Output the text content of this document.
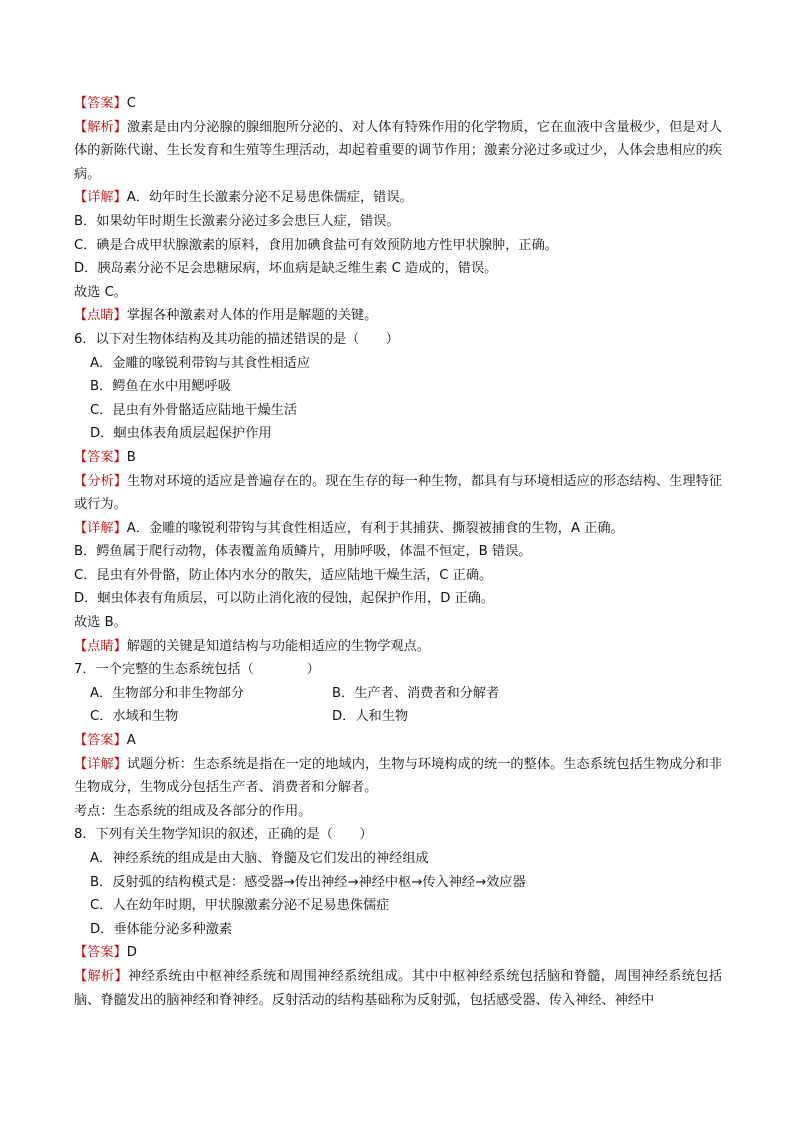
【答案】C
【解析】激素是由内分泌腺的腺细胞所分泌的、对人体有特殊作用的化学物质，它在血液中含量极少，但是对人体的新陈代谢、生长发育和生殖等生理活动，却起着重要的调节作用；激素分泌过多或过少，人体会患相应的疾病。
【详解】A．幼年时生长激素分泌不足易患侏儒症，错误。
B．如果幼年时期生长激素分泌过多会患巨人症，错误。
C．碘是合成甲状腺激素的原料，食用加碘食盐可有效预防地方性甲状腺肿，正确。
D．胰岛素分泌不足会患糖尿病，坏血病是缺乏维生素 C 造成的，错误。
故选 C。
【点睛】掌握各种激素对人体的作用是解题的关键。
6．以下对生物体结构及其功能的描述错误的是（　　）
A．金雕的喙锐利带钩与其食性相适应
B．鳄鱼在水中用鳃呼吸
C．昆虫有外骨骼适应陆地干燥生活
D．蛔虫体表角质层起保护作用
【答案】B
【分析】生物对环境的适应是普遍存在的。现在生存的每一种生物，都具有与环境相适应的形态结构、生理特征或行为。
【详解】A．金雕的喙锐利带钩与其食性相适应，有利于其捕获、撕裂被捕食的生物，A 正确。
B．鳄鱼属于爬行动物，体表覆盖角质鳞片，用肺呼吸，体温不恒定，B 错误。
C．昆虫有外骨骼，防止体内水分的散失，适应陆地干燥生活，C 正确。
D．蛔虫体表有角质层，可以防止消化液的侵蚀，起保护作用，D 正确。
故选 B。
【点睛】解题的关键是知道结构与功能相适应的生物学观点。
7．一个完整的生态系统包括（　　　　）
A．生物部分和非生物部分	B．生产者、消费者和分解者
C．水域和生物	D．人和生物
【答案】A
【详解】试题分析：生态系统是指在一定的地域内，生物与环境构成的统一的整体。生态系统包括生物成分和非生物成分，生物成分包括生产者、消费者和分解者。
考点：生态系统的组成及各部分的作用。
8．下列有关生物学知识的叙述，正确的是（　　）
A．神经系统的组成是由大脑、脊髓及它们发出的神经组成
B．反射弧的结构模式是：感受器→传出神经→神经中枢→传入神经→效应器
C．人在幼年时期，甲状腺激素分泌不足易患侏儒症
D．垂体能分泌多种激素
【答案】D
【解析】神经系统由中枢神经系统和周围神经系统组成。其中中枢神经系统包括脑和脊髓，周围神经系统包括脑、脊髓发出的脑神经和脊神经。反射活动的结构基础称为反射弧，包括感受器、传入神经、神经中
